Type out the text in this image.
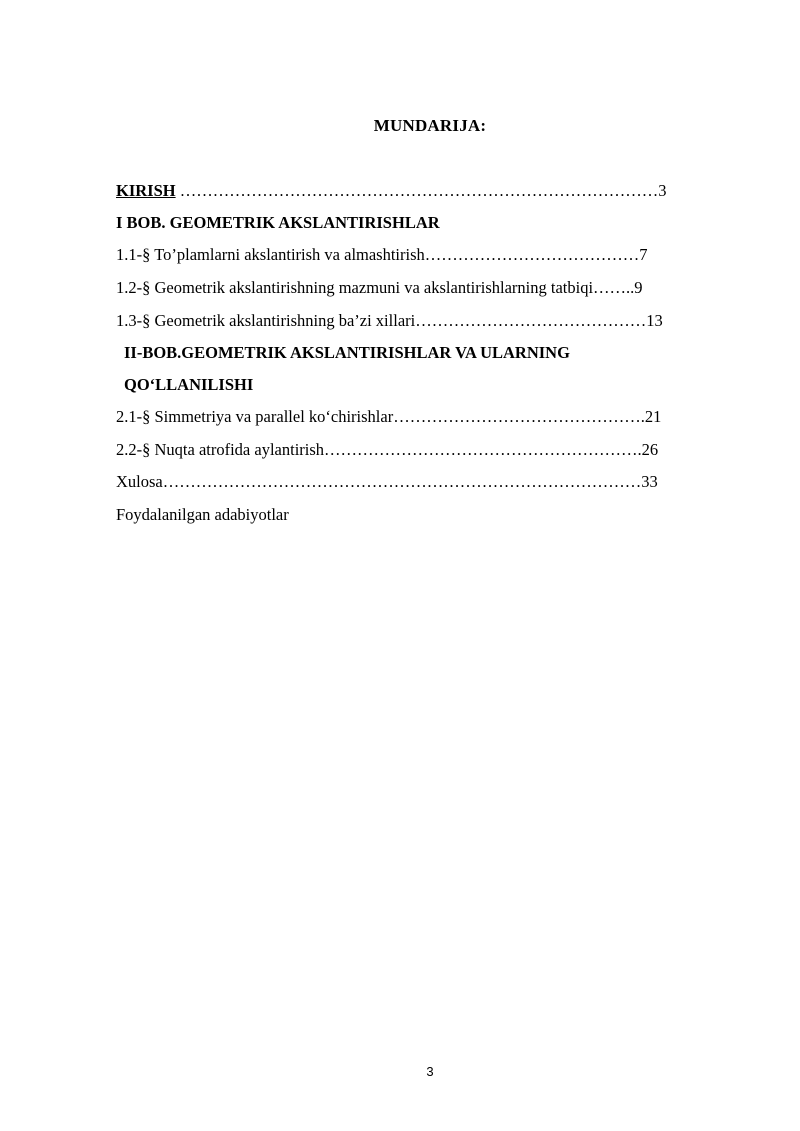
MUNDARIJA:
KIRISH ……………………………………………………………………………3
I BOB. GEOMETRIK AKSLANTIRISHLAR
1.1-§ To’plamlarni akslantirish va almashtirish…………………………………7
1.2-§ Geometrik akslantirishning mazmuni va akslantirishlarning tatbiqi……..9
1.3-§ Geometrik akslantirishning ba’zi xillari……………………………………13
II-BOB.GEOMETRIK AKSLANTIRISHLAR VA ULARNING
QO‘LLANILISHI
2.1-§ Simmetriya va parallel ko‘chirishlar……………………………………….21
2.2-§ Nuqta atrofida aylantirish………………………………………………….26
Xulosa……………………………………………………………………………33
Foydalanilgan adabiyotlar
3
